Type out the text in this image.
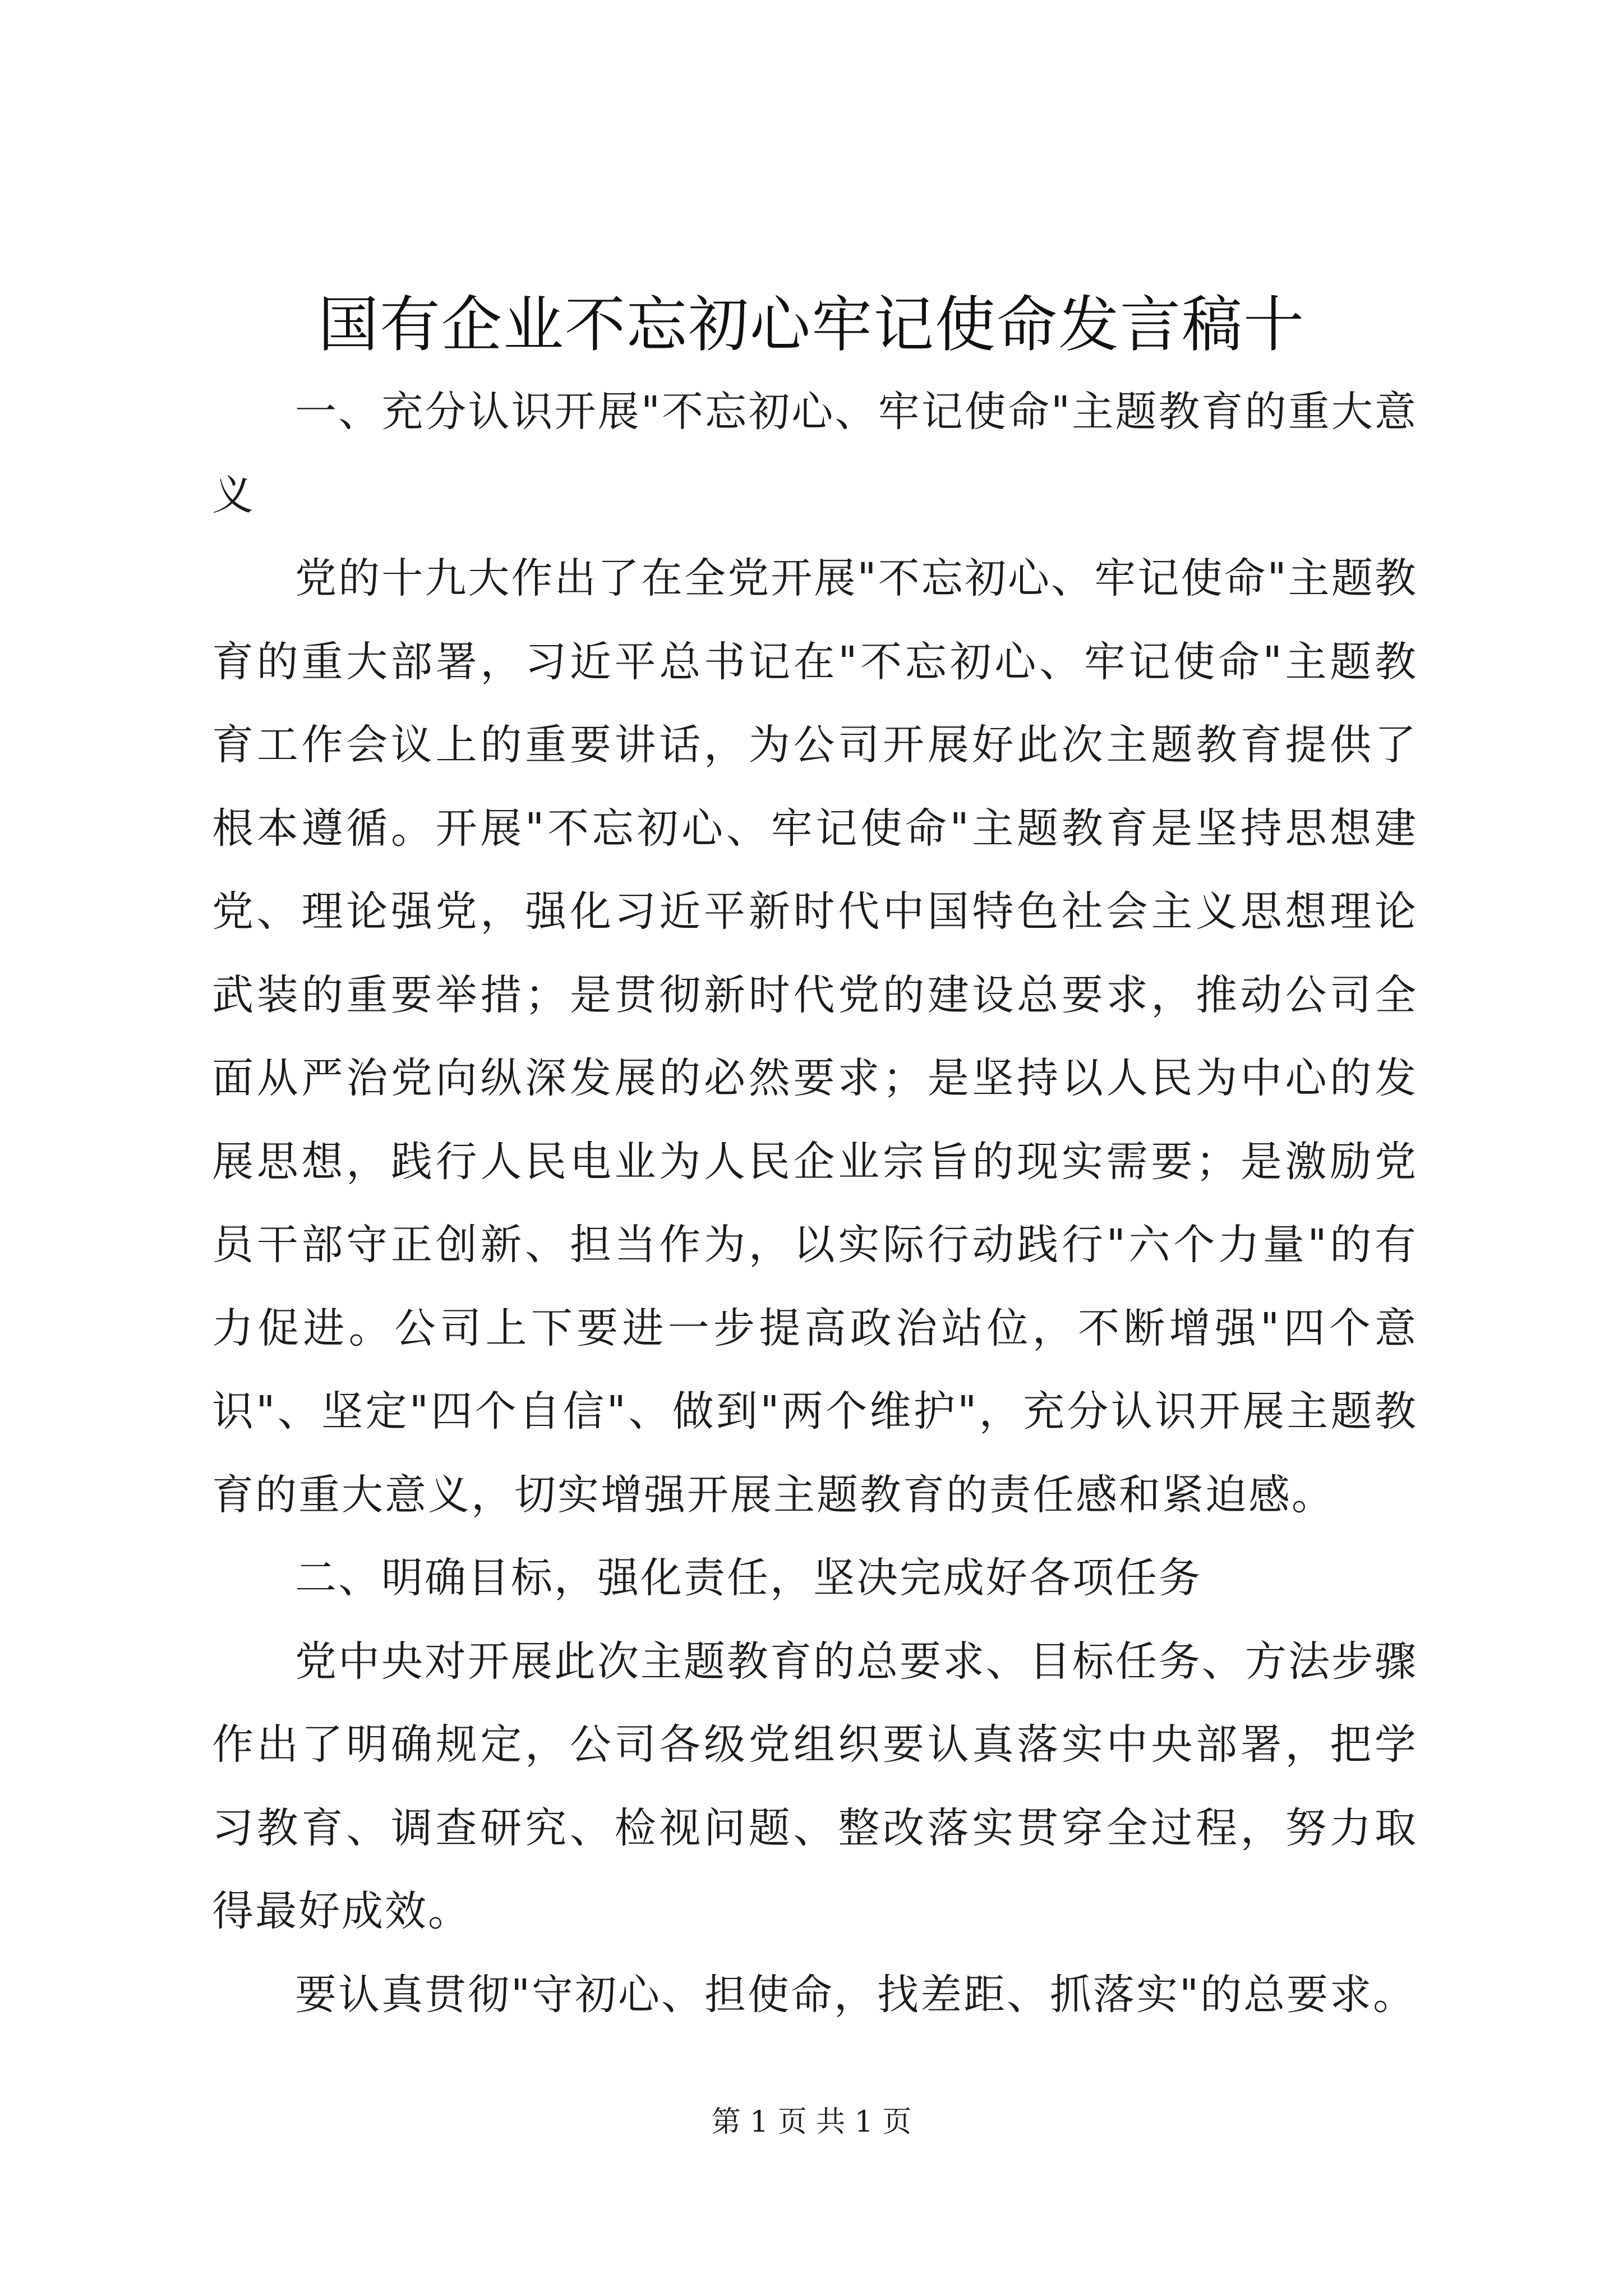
国有企业不忘初心牢记使命发言稿十

一、充分认识开展"不忘初心、牢记使命"主题教育的重大意义

党的十九大作出了在全党开展"不忘初心、牢记使命"主题教育的重大部署，习近平总书记在"不忘初心、牢记使命"主题教育工作会议上的重要讲话，为公司开展好此次主题教育提供了根本遵循。开展"不忘初心、牢记使命"主题教育是坚持思想建党、理论强党，强化习近平新时代中国特色社会主义思想理论武装的重要举措；是贯彻新时代党的建设总要求，推动公司全面从严治党向纵深发展的必然要求；是坚持以人民为中心的发展思想，践行人民电业为人民企业宗旨的现实需要；是激励党员干部守正创新、担当作为，以实际行动践行"六个力量"的有力促进。公司上下要进一步提高政治站位，不断增强"四个意识"、坚定"四个自信"、做到"两个维护"，充分认识开展主题教育的重大意义，切实增强开展主题教育的责任感和紧迫感。

二、明确目标，强化责任，坚决完成好各项任务

党中央对开展此次主题教育的总要求、目标任务、方法步骤作出了明确规定，公司各级党组织要认真落实中央部署，把学习教育、调查研究、检视问题、整改落实贯穿全过程，努力取得最好成效。

要认真贯彻"守初心、担使命，找差距、抓落实"的总要求。

第 1 页 共 1 页
